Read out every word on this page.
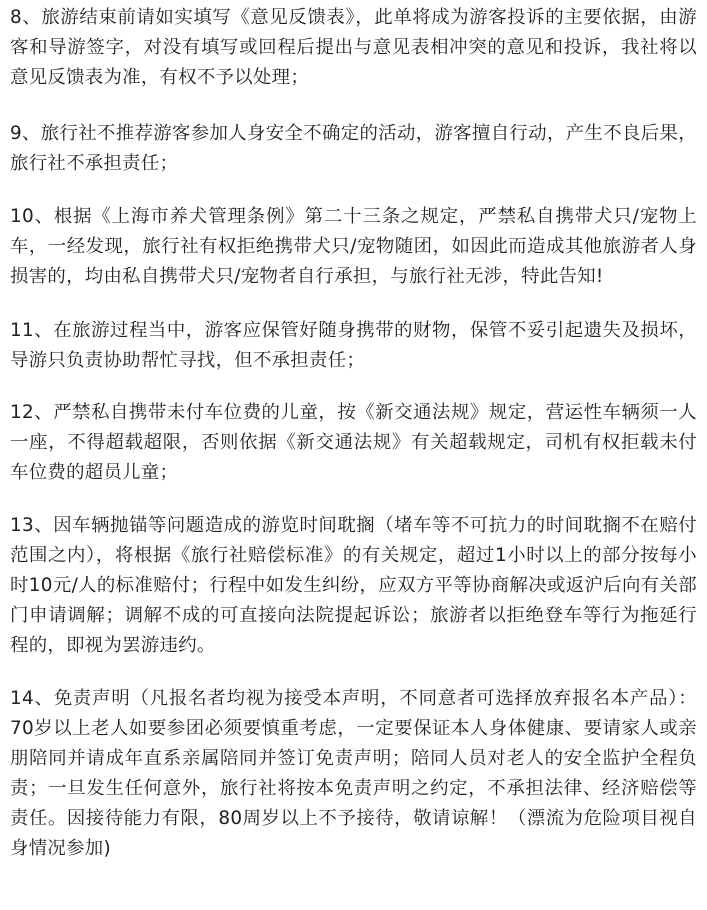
8、旅游结束前请如实填写《意见反馈表》，此单将成为游客投诉的主要依据，由游客和导游签字，对没有填写或回程后提出与意见表相冲突的意见和投诉，我社将以意见反馈表为准，有权不予以处理；

9、旅行社不推荐游客参加人身安全不确定的活动，游客擅自行动，产生不良后果，旅行社不承担责任；

10、根据《上海市养犬管理条例》第二十三条之规定，严禁私自携带犬只/宠物上车，一经发现，旅行社有权拒绝携带犬只/宠物随团，如因此而造成其他旅游者人身损害的，均由私自携带犬只/宠物者自行承担，与旅行社无涉，特此告知!

11、在旅游过程当中，游客应保管好随身携带的财物，保管不妥引起遗失及损坏，导游只负责协助帮忙寻找，但不承担责任；

12、严禁私自携带未付车位费的儿童，按《新交通法规》规定，营运性车辆须一人一座，不得超载超限，否则依据《新交通法规》有关超载规定，司机有权拒载未付车位费的超员儿童；

13、因车辆抛锚等问题造成的游览时间耽搁（堵车等不可抗力的时间耽搁不在赔付范围之内），将根据《旅行社赔偿标准》的有关规定，超过1小时以上的部分按每小时10元/人的标准赔付；行程中如发生纠纷，应双方平等协商解决或返沪后向有关部门申请调解；调解不成的可直接向法院提起诉讼；旅游者以拒绝登车等行为拖延行程的，即视为罢游违约。

14、免责声明（凡报名者均视为接受本声明，不同意者可选择放弃报名本产品）：70岁以上老人如要参团必须要慎重考虑，一定要保证本人身体健康、要请家人或亲朋陪同并请成年直系亲属陪同并签订免责声明；陪同人员对老人的安全监护全程负责；一旦发生任何意外，旅行社将按本免责声明之约定，不承担法律、经济赔偿等责任。因接待能力有限，80周岁以上不予接待，敬请谅解！（漂流为危险项目视自身情况参加)
